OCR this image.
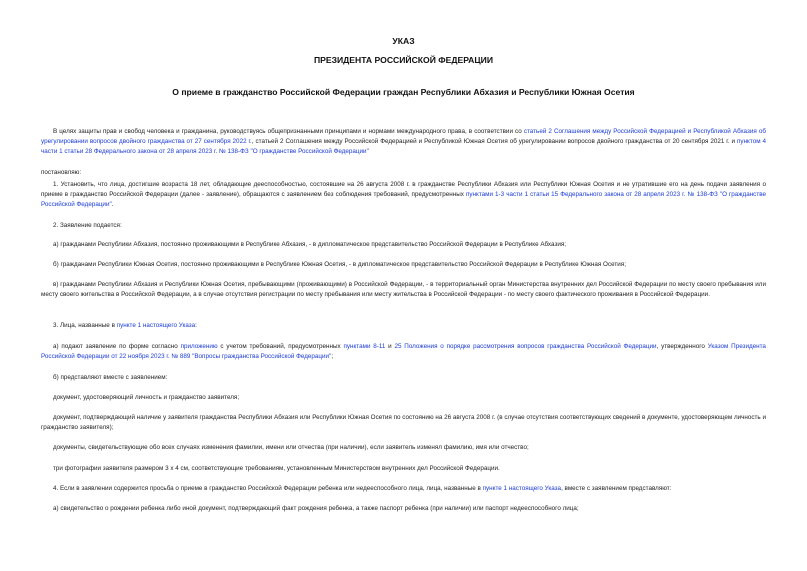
УКАЗ
ПРЕЗИДЕНТА РОССИЙСКОЙ ФЕДЕРАЦИИ
О приеме в гражданство Российской Федерации граждан Республики Абхазия и Республики Южная Осетия
В целях защиты прав и свобод человека и гражданина, руководствуясь общепризнанными принципами и нормами международного права, в соответствии со статьей 2 Соглашения между Российской Федерацией и Республикой Абхазия об урегулировании вопросов двойного гражданства от 27 сентября 2022 г., статьей 2 Соглашения между Российской Федерацией и Республикой Южная Осетия об урегулировании вопросов двойного гражданства от 20 сентября 2021 г. и пунктом 4 части 1 статьи 28 Федерального закона от 28 апреля 2023 г. № 138-ФЗ "О гражданстве Российской Федерации"
постановляю:
1. Установить, что лица, достигшие возраста 18 лет, обладающие дееспособностью, состоявшие на 26 августа 2008 г. в гражданстве Республики Абхазия или Республики Южная Осетия и не утратившие его на день подачи заявления о приеме в гражданство Российской Федерации (далее - заявление), обращаются с заявлением без соблюдения требований, предусмотренных пунктами 1-3 части 1 статьи 15 Федерального закона от 28 апреля 2023 г. № 138-ФЗ "О гражданстве Российской Федерации".
2. Заявление подается:
а) гражданами Республики Абхазия, постоянно проживающими в Республике Абхазия, - в дипломатическое представительство Российской Федерации в Республике Абхазия;
б) гражданами Республики Южная Осетия, постоянно проживающими в Республике Южная Осетия, - в дипломатическое представительство Российской Федерации в Республике Южная Осетия;
в) гражданами Республики Абхазия и Республики Южная Осетия, пребывающими (проживающими) в Российской Федерации, - в территориальный орган Министерства внутренних дел Российской Федерации по месту своего пребывания или месту своего жительства в Российской Федерации, а в случае отсутствия регистрации по месту пребывания или месту жительства в Российской Федерации - по месту своего фактического проживания в Российской Федерации.
3. Лица, названные в пункте 1 настоящего Указа:
а) подают заявление по форме согласно приложению с учетом требований, предусмотренных пунктами 8-11 и 25 Положения о порядке рассмотрения вопросов гражданства Российской Федерации, утвержденного Указом Президента Российской Федерации от 22 ноября 2023 г. № 889 "Вопросы гражданства Российской Федерации";
б) представляют вместе с заявлением:
документ, удостоверяющий личность и гражданство заявителя;
документ, подтверждающий наличие у заявителя гражданства Республики Абхазия или Республики Южная Осетия по состоянию на 26 августа 2008 г. (в случае отсутствия соответствующих сведений в документе, удостоверяющем личность и гражданство заявителя);
документы, свидетельствующие обо всех случаях изменения фамилии, имени или отчества (при наличии), если заявитель изменял фамилию, имя или отчество;
три фотографии заявителя размером 3 x 4 см, соответствующие требованиям, установленным Министерством внутренних дел Российской Федерации.
4. Если в заявлении содержится просьба о приеме в гражданство Российской Федерации ребенка или недееспособного лица, лица, названные в пункте 1 настоящего Указа, вместе с заявлением представляют:
а) свидетельство о рождении ребенка либо иной документ, подтверждающий факт рождения ребенка, а также паспорт ребенка (при наличии) или паспорт недееспособного лица;
